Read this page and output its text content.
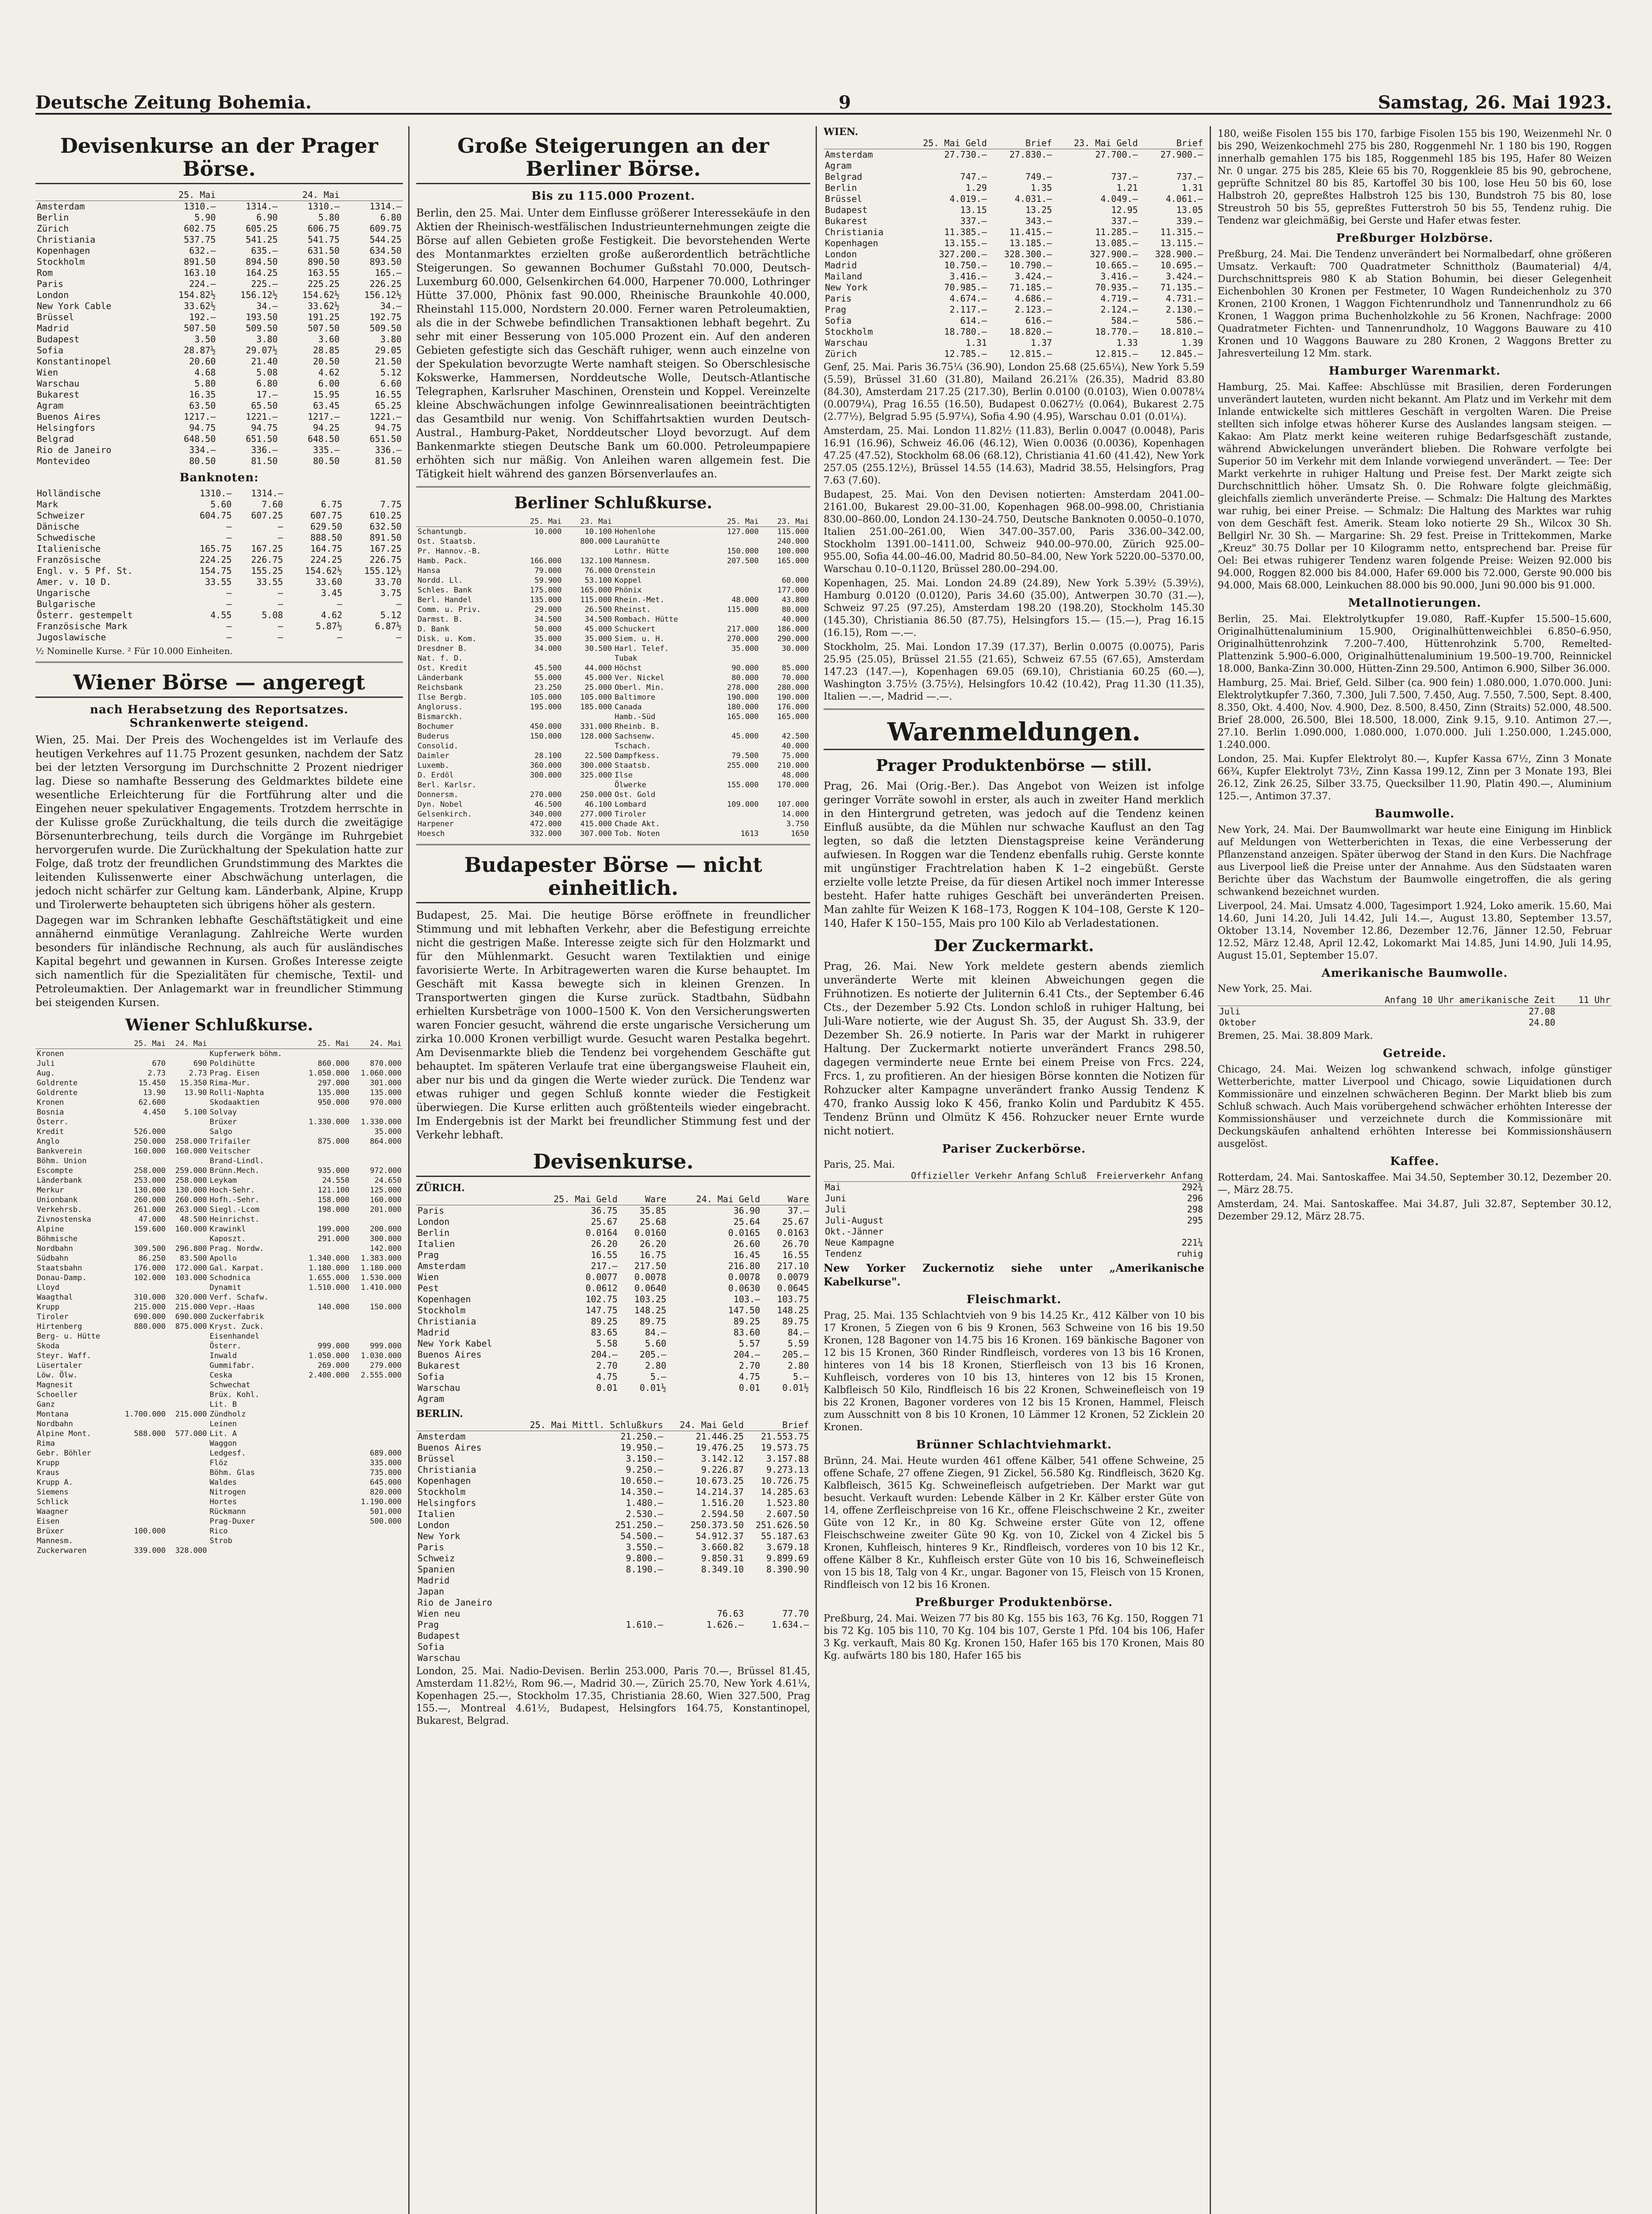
Deutsche Zeitung Bohemia.	9	Samstag, 26. Mai 1923.
Devisenkurse an der Prager Börse.
	25. Mai		24. Mai	
Amsterdam	1310.—	1314.—	1310.—	1314.—
Berlin	5.90	6.90	5.80	6.80
Zürich	602.75	605.25	606.75	609.75
Christiania	537.75	541.25	541.75	544.25
Kopenhagen	632.—	635.—	631.50	634.50
Stockholm	891.50	894.50	890.50	893.50
Rom	163.10	164.25	163.55	165.—
Paris	224.—	225.—	225.25	226.25
London	154.82½	156.12½	154.62½	156.12½
New York Cable	33.62½	34.—	33.62½	34.—
Brüssel	192.—	193.50	191.25	192.75
Madrid	507.50	509.50	507.50	509.50
Budapest	3.50	3.80	3.60	3.80
Sofia	28.87½	29.07½	28.85	29.05
Konstantinopel	20.60	21.40	20.50	21.50
Wien	4.68	5.08	4.62	5.12
Warschau	5.80	6.80	6.00	6.60
Bukarest	16.35	17.—	15.95	16.55
Agram	63.50	65.50	63.45	65.25
Buenos Aires	1217.—	1221.—	1217.—	1221.—
Helsingfors	94.75	94.75	94.25	94.75
Belgrad	648.50	651.50	648.50	651.50
Rio de Janeiro	334.—	336.—	335.—	336.—
Montevideo	80.50	81.50	80.50	81.50
Banknoten:
Holländische	1310.—	1314.—		
Mark	5.60	7.60	6.75	7.75
Schweizer	604.75	607.25	607.75	610.25
Dänische	—	—	629.50	632.50
Schwedische	—	—	888.50	891.50
Italienische	165.75	167.25	164.75	167.25
Französische	224.25	226.75	224.25	226.75
Engl. v. 5 Pf. St.	154.75	155.25	154.62½	155.12½
Amer. v. 10 D.	33.55	33.55	33.60	33.70
Ungarische	—	—	3.45	3.75
Bulgarische	—	—	—	—
Österr. gestempelt	4.55	5.08	4.62	5.12
Französische Mark	—	—	5.87½	6.87½
Jugoslawische	—	—	—	—
½ Nominelle Kurse. ² Für 10.000 Einheiten.
Wiener Börse — angeregt
nach Herabsetzung des Reportsatzes. Schrankenwerte steigend.

Wien, 25. Mai. Der Preis des Wochengeldes ist im Verlaufe des heutigen Verkehres auf 11.75 Prozent gesunken, nachdem der Satz bei der letzten Versorgung im Durchschnitte 2 Prozent niedriger lag. Diese so namhafte Besserung des Geldmarktes bildete eine wesentliche Erleichterung für die Fortführung alter und die Eingehen neuer spekulativer Engagements. Trotzdem herrschte in der Kulisse große Zurückhaltung, die teils durch die zweitägige Börsenunterbrechung, teils durch die Vorgänge im Ruhrgebiet hervorgerufen wurde. Die Zurückhaltung der Spekulation hatte zur Folge, daß trotz der freundlichen Grundstimmung des Marktes die leitenden Kulissenwerte einer Abschwächung unterlagen, die jedoch nicht schärfer zur Geltung kam. Länderbank, Alpine, Krupp und Tirolerwerte behaupteten sich übrigens höher als gestern.

Dagegen war im Schranken lebhafte Geschäftstätigkeit und eine annähernd einmütige Veranlagung. Zahlreiche Werte wurden besonders für inländische Rechnung, als auch für ausländisches Kapital begehrt und gewannen in Kursen. Großes Interesse zeigte sich namentlich für die Spezialitäten für chemische, Textil- und Petroleumaktien. Der Anlagemarkt war in freundlicher Stimmung bei steigenden Kursen.

Wiener Schlußkurse.
	25. Mai	24. Mai		25. Mai	24. Mai
Kronen			Kupferwerk böhm.		
Juli	670	690	Poldihütte	860.000	870.000
Aug.	2.73	2.73	Prag. Eisen	1.050.000	1.060.000
Goldrente	15.450	15.350	Rima-Mur.	297.000	301.000
Goldrente	13.90	13.90	Rolli-Naphta	135.000	135.000
Kronen	62.600		Skodaaktien	950.000	970.000
Bosnia	4.450	5.100	Solvay		
Österr.			Brüxer	1.330.000	1.330.000
Kredit	526.000		Salgo		35.000
Anglo	250.000	258.000	Trifailer	875.000	864.000
Bankverein	160.000	160.000	Veitscher		
Böhm. Union			Brand-Lindl.		
Escompte	258.000	259.000	Brünn.Mech.	935.000	972.000
Länderbank	253.000	258.000	Leykam	24.550	24.650
Merkur	130.000	130.000	Hoch-Sehr.	121.100	125.000
Unionbank	260.000	260.000	Hofh.-Sehr.	158.000	160.000
Verkehrsb.	261.000	263.000	Siegl.-Lcom	198.000	201.000
Zivnostenska	47.000	48.500	Heinrichst.		
Alpine	159.600	160.000	Krawinkl	199.000	200.000
Böhmische			Kaposzt.	291.000	300.000
Nordbahn	309.500	296.800	Prag. Nordw.		142.000
Südbahn	86.250	83.500	Apollo	1.340.000	1.383.000
Staatsbahn	176.000	172.000	Gal. Karpat.	1.180.000	1.180.000
Donau-Damp.	102.000	103.000	Schodnica	1.655.000	1.530.000
Lloyd			Dynamit	1.510.000	1.410.000
Waagthal	310.000	320.000	Verf. Schafw.		
Krupp	215.000	215.000	Vepr.-Haas	140.000	150.000
Tiroler	690.000	690.000	Zuckerfabrik		
Hirtenberg	880.000	875.000	Kryst. Zuck.		
Berg- u. Hütte			Eisenhandel		
Skoda			Österr.	999.000	999.000
Steyr. Waff.			Inwald	1.050.000	1.030.000
Lüsertaler			Gummifabr.	269.000	279.000
Löw. Ölw.			Ceska	2.400.000	2.555.000
Magnesit			Schwechat		
Schoeller			Brüx. Kohl.		
Ganz			Lit. B		
Montana	1.700.000	215.000	Zündholz		
Nordbahn			Leinen		
Alpine Mont.	588.000	577.000	Lit. A		
Rima			Waggon		
Gebr. Böhler			Ledgesf.		689.000
Krupp			Flöz		335.000
Kraus			Böhm. Glas		735.000
Krupp A.			Waldes		645.000
Siemens			Nitrogen		820.000
Schlick			Hortes		1.190.000
Waagner			Rückmann		501.000
Eisen			Prag-Duxer		500.000
Brüxer	100.000		Rico		
Mannesm.			Strob		
Zuckerwaren	339.000	328.000			
Große Steigerungen an der Berliner Börse.
Bis zu 115.000 Prozent.

Berlin, den 25. Mai. Unter dem Einflusse größerer Interessekäufe in den Aktien der Rheinisch-westfälischen Industrieunternehmungen zeigte die Börse auf allen Gebieten große Festigkeit. Die bevorstehenden Werte des Montanmarktes erzielten große außerordentlich beträchtliche Steigerungen. So gewannen Bochumer Gußstahl 70.000, Deutsch-Luxemburg 60.000, Gelsenkirchen 64.000, Harpener 70.000, Lothringer Hütte 37.000, Phönix fast 90.000, Rheinische Braunkohle 40.000, Rheinstahl 115.000, Nordstern 20.000. Ferner waren Petroleumaktien, als die in der Schwebe befindlichen Transaktionen lebhaft begehrt. Zu sehr mit einer Besserung von 105.000 Prozent ein. Auf den anderen Gebieten gefestigte sich das Geschäft ruhiger, wenn auch einzelne von der Spekulation bevorzugte Werte namhaft steigen. So Oberschlesische Kokswerke, Hammersen, Norddeutsche Wolle, Deutsch-Atlantische Telegraphen, Karlsruher Maschinen, Orenstein und Koppel. Vereinzelte kleine Abschwächungen infolge Gewinnrealisationen beeinträchtigten das Gesamtbild nur wenig. Von Schiffahrtsaktien wurden Deutsch-Austral., Hamburg-Paket, Norddeutscher Lloyd bevorzugt. Auf dem Bankenmarkte stiegen Deutsche Bank um 60.000. Petroleumpapiere erhöhten sich nur mäßig. Von Anleihen waren allgemein fest. Die Tätigkeit hielt während des ganzen Börsenverlaufes an.

Berliner Schlußkurse.
	25. Mai	23. Mai		25. Mai	23. Mai
Schantungb.	10.000	10.100	Hohenlohe	127.000	115.000
Ost. Staatsb.		800.000	Laurahütte		240.000
Pr. Hannov.-B.			Lothr. Hütte	150.000	100.000
Hamb. Pack.	166.000	132.100	Mannesm.	207.500	165.000
Hansa	79.000	76.000	Orenstein		
Nordd. Ll.	59.900	53.100	Koppel		60.000
Schles. Bank	175.000	165.000	Phönix		177.000
Berl. Handel	135.000	115.000	Rhein.-Met.	48.000	43.800
Comm. u. Priv.	29.000	26.500	Rheinst.	115.000	80.000
Darmst. B.	34.500	34.500	Rombach. Hütte		40.000
D. Bank	50.000	45.000	Schuckert	217.000	186.000
Disk. u. Kom.	35.000	35.000	Siem. u. H.	270.000	290.000
Dresdner B.	34.000	30.500	Harl. Telef.	35.000	30.000
Nat. f. D.			Tubak		
Ost. Kredit	45.500	44.000	Höchst	90.000	85.000
Länderbank	55.000	45.000	Ver. Nickel	80.000	70.000
Reichsbank	23.250	25.000	Oberl. Min.	278.000	280.000
Ilse Bergb.	105.000	105.000	Baltimore	190.000	190.000
Angloruss.	195.000	185.000	Canada	180.000	176.000
Bismarckh.			Hamb.-Süd	165.000	165.000
Bochumer	450.000	331.000	Rheinb. B.		
Buderus	150.000	128.000	Sachsenw.	45.000	42.500
Consolid.			Tschach.		40.000
Daimler	28.100	22.500	Dampfkess.	79.500	75.000
Luxemb.	360.000	300.000	Staatsb.	255.000	210.000
D. Erdöl	300.000	325.000	Ilse		48.000
Berl. Karlsr.			Ölwerke	155.000	170.000
Donnersm.	270.000	250.000	Ost. Gold		
Dyn. Nobel	46.500	46.100	Lombard	109.000	107.000
Gelsenkirch.	340.000	277.000	Tiroler		14.000
Harpener	472.000	415.000	Chade Akt.		3.750
Hoesch	332.000	307.000	Tob. Noten	1613	1650
Budapester Börse — nicht einheitlich.

Budapest, 25. Mai. Die heutige Börse eröffnete in freundlicher Stimmung und mit lebhaften Verkehr, aber die Befestigung erreichte nicht die gestrigen Maße. Interesse zeigte sich für den Holzmarkt und für den Mühlenmarkt. Gesucht waren Textilaktien und einige favorisierte Werte. In Arbitragewerten waren die Kurse behauptet. Im Geschäft mit Kassa bewegte sich in kleinen Grenzen. In Transportwerten gingen die Kurse zurück. Stadtbahn, Südbahn erhielten Kursbeträge von 1000–1500 K. Von den Versicherungswerten waren Foncier gesucht, während die erste ungarische Versicherung um zirka 10.000 Kronen verbilligt wurde. Gesucht waren Pestalka begehrt. Am Devisenmarkte blieb die Tendenz bei vorgehendem Geschäfte gut behauptet. Im späteren Verlaufe trat eine übergangsweise Flauheit ein, aber nur bis und da gingen die Werte wieder zurück. Die Tendenz war etwas ruhiger und gegen Schluß konnte wieder die Festigkeit überwiegen. Die Kurse erlitten auch größtenteils wieder eingebracht. Im Endergebnis ist der Markt bei freundlicher Stimmung fest und der Verkehr lebhaft.

Devisenkurse.
ZÜRICH.
	25. Mai Geld	Ware	24. Mai Geld	Ware
Paris	36.75	35.85	36.90	37.—
London	25.67	25.68	25.64	25.67
Berlin	0.0164	0.0160	0.0165	0.0163
Italien	26.20	26.20	26.60	26.70
Prag	16.55	16.75	16.45	16.55
Amsterdam	217.—	217.50	216.80	217.10
Wien	0.0077	0.0078	0.0078	0.0079
Pest	0.0612	0.0640	0.0630	0.0645
Kopenhagen	102.75	103.25	103.—	103.75
Stockholm	147.75	148.25	147.50	148.25
Christiania	89.25	89.75	89.25	89.75
Madrid	83.65	84.—	83.60	84.—
New York Kabel	5.58	5.60	5.57	5.59
Buenos Aires	204.—	205.—	204.—	205.—
Bukarest	2.70	2.80	2.70	2.80
Sofia	4.75	5.—	4.75	5.—
Warschau	0.01	0.01½	0.01	0.01½
Agram				
BERLIN.
	25. Mai Mittl. Schlußkurs		24. Mai Geld	Brief
Amsterdam	21.250.—		21.446.25	21.553.75
Buenos Aires	19.950.—		19.476.25	19.573.75
Brüssel	3.150.—		3.142.12	3.157.88
Christiania	9.250.—		9.226.87	9.273.13
Kopenhagen	10.650.—		10.673.25	10.726.75
Stockholm	14.350.—		14.214.37	14.285.63
Helsingfors	1.480.—		1.516.20	1.523.80
Italien	2.530.—		2.594.50	2.607.50
London	251.250.—		250.373.50	251.626.50
New York	54.500.—		54.912.37	55.187.63
Paris	3.550.—		3.660.82	3.679.18
Schweiz	9.800.—		9.850.31	9.899.69
Spanien	8.190.—		8.349.10	8.390.90
Madrid				
Japan				
Rio de Janeiro				
Wien neu			76.63	77.70
Prag	1.610.—		1.626.—	1.634.—
Budapest				
Sofia				
Warschau				

London, 25. Mai. Nadio-Devisen. Berlin 253.000, Paris 70.—, Brüssel 81.45, Amsterdam 11.82½, Rom 96.—, Madrid 30.—, Zürich 25.70, New York 4.61¼, Kopenhagen 25.—, Stockholm 17.35, Christiania 28.60, Wien 327.500, Prag 155.—, Montreal 4.61½, Budapest, Helsingfors 164.75, Konstantinopel, Bukarest, Belgrad.

WIEN.
	25. Mai Geld	Brief	23. Mai Geld	Brief
Amsterdam	27.730.—	27.830.—	27.700.—	27.900.—
Agram				
Belgrad	747.—	749.—	737.—	737.—
Berlin	1.29	1.35	1.21	1.31
Brüssel	4.019.—	4.031.—	4.049.—	4.061.—
Budapest	13.15	13.25	12.95	13.05
Bukarest	337.—	343.—	337.—	339.—
Christiania	11.385.—	11.415.—	11.285.—	11.315.—
Kopenhagen	13.155.—	13.185.—	13.085.—	13.115.—
London	327.200.—	328.300.—	327.900.—	328.900.—
Madrid	10.750.—	10.790.—	10.665.—	10.695.—
Mailand	3.416.—	3.424.—	3.416.—	3.424.—
New York	70.985.—	71.185.—	70.935.—	71.135.—
Paris	4.674.—	4.686.—	4.719.—	4.731.—
Prag	2.117.—	2.123.—	2.124.—	2.130.—
Sofia	614.—	616.—	584.—	586.—
Stockholm	18.780.—	18.820.—	18.770.—	18.810.—
Warschau	1.31	1.37	1.33	1.39
Zürich	12.785.—	12.815.—	12.815.—	12.845.—

Genf, 25. Mai. Paris 36.75¼ (36.90), London 25.68 (25.65¼), New York 5.59 (5.59), Brüssel 31.60 (31.80), Mailand 26.21⅞ (26.35), Madrid 83.80 (84.30), Amsterdam 217.25 (217.30), Berlin 0.0100 (0.0103), Wien 0.0078¼ (0.0079¼), Prag 16.55 (16.50), Budapest 0.0627½ (0.064), Bukarest 2.75 (2.77½), Belgrad 5.95 (5.97¼), Sofia 4.90 (4.95), Warschau 0.01 (0.01¼).

Amsterdam, 25. Mai. London 11.82½ (11.83), Berlin 0.0047 (0.0048), Paris 16.91 (16.96), Schweiz 46.06 (46.12), Wien 0.0036 (0.0036), Kopenhagen 47.25 (47.52), Stockholm 68.06 (68.12), Christiania 41.60 (41.42), New York 257.05 (255.12½), Brüssel 14.55 (14.63), Madrid 38.55, Helsingfors, Prag 7.63 (7.60).

Budapest, 25. Mai. Von den Devisen notierten: Amsterdam 2041.00–2161.00, Bukarest 29.00–31.00, Kopenhagen 968.00–998.00, Christiania 830.00–860.00, London 24.130–24.750, Deutsche Banknoten 0.0050–0.1070, Italien 251.00–261.00, Wien 347.00–357.00, Paris 336.00–342.00, Stockholm 1391.00–1411.00, Schweiz 940.00–970.00, Zürich 925.00–955.00, Sofia 44.00–46.00, Madrid 80.50–84.00, New York 5220.00–5370.00, Warschau 0.10–0.1120, Brüssel 280.00–294.00.

Kopenhagen, 25. Mai. London 24.89 (24.89), New York 5.39½ (5.39½), Hamburg 0.0120 (0.0120), Paris 34.60 (35.00), Antwerpen 30.70 (31.—), Schweiz 97.25 (97.25), Amsterdam 198.20 (198.20), Stockholm 145.30 (145.30), Christiania 86.50 (87.75), Helsingfors 15.— (15.—), Prag 16.15 (16.15), Rom —.—.

Stockholm, 25. Mai. London 17.39 (17.37), Berlin 0.0075 (0.0075), Paris 25.95 (25.05), Brüssel 21.55 (21.65), Schweiz 67.55 (67.65), Amsterdam 147.23 (147.—), Kopenhagen 69.05 (69.10), Christiania 60.25 (60.—), Washington 3.75½ (3.75½), Helsingfors 10.42 (10.42), Prag 11.30 (11.35), Italien —.—, Madrid —.—.

Warenmeldungen.
Prager Produktenbörse — still.

Prag, 26. Mai (Orig.-Ber.). Das Angebot von Weizen ist infolge geringer Vorräte sowohl in erster, als auch in zweiter Hand merklich in den Hintergrund getreten, was jedoch auf die Tendenz keinen Einfluß ausübte, da die Mühlen nur schwache Kauflust an den Tag legten, so daß die letzten Dienstagspreise keine Veränderung aufwiesen. In Roggen war die Tendenz ebenfalls ruhig. Gerste konnte mit ungünstiger Frachtrelation haben K 1–2 eingebüßt. Gerste erzielte volle letzte Preise, da für diesen Artikel noch immer Interesse besteht. Hafer hatte ruhiges Geschäft bei unveränderten Preisen. Man zahlte für Weizen K 168–173, Roggen K 104–108, Gerste K 120–140, Hafer K 150–155, Mais pro 100 Kilo ab Verladestationen.

Der Zuckermarkt.

Prag, 26. Mai. New York meldete gestern abends ziemlich unveränderte Werte mit kleinen Abweichungen gegen die Frühnotizen. Es notierte der Juliternin 6.41 Cts., der September 6.46 Cts., der Dezember 5.92 Cts. London schloß in ruhiger Haltung, bei Juli-Ware notierte, wie der August Sh. 35, der August Sh. 33.9, der Dezember Sh. 26.9 notierte. In Paris war der Markt in ruhigerer Haltung. Der Zuckermarkt notierte unverändert Francs 298.50, dagegen verminderte neue Ernte bei einem Preise von Frcs. 224, Frcs. 1, zu profitieren. An der hiesigen Börse konnten die Notizen für Rohzucker alter Kampagne unverändert franko Aussig Tendenz K 470, franko Aussig loko K 456, franko Kolin und Pardubitz K 455. Tendenz Brünn und Olmütz K 456. Rohzucker neuer Ernte wurde nicht notiert.

Pariser Zuckerbörse.
Paris, 25. Mai.
	Offizieller Verkehr Anfang	Schluß	Freierverkehr Anfang
Mai			292¾
Juni			296
Juli			298
Juli-August			295
Okt.-Jänner			
Neue Kampagne			221¼
Tendenz			ruhig

New Yorker Zuckernotiz siehe unter „Amerikanische Kabelkurse".

Fleischmarkt.

Prag, 25. Mai. 135 Schlachtvieh von 9 bis 14.25 Kr., 412 Kälber von 10 bis 17 Kronen, 5 Ziegen von 6 bis 9 Kronen, 563 Schweine von 16 bis 19.50 Kronen, 128 Bagoner von 14.75 bis 16 Kronen. 169 bänkische Bagoner von 12 bis 15 Kronen, 360 Rinder Rindfleisch, vorderes von 13 bis 16 Kronen, hinteres von 14 bis 18 Kronen, Stierfleisch von 13 bis 16 Kronen, Kuhfleisch, vorderes von 10 bis 13, hinteres von 12 bis 15 Kronen, Kalbfleisch 50 Kilo, Rindfleisch 16 bis 22 Kronen, Schweinefleisch von 19 bis 22 Kronen, Bagoner vorderes von 12 bis 15 Kronen, Hammel, Fleisch zum Ausschnitt von 8 bis 10 Kronen, 10 Lämmer 12 Kronen, 52 Zicklein 20 Kronen.

Brünner Schlachtviehmarkt.

Brünn, 24. Mai. Heute wurden 461 offene Kälber, 541 offene Schweine, 25 offene Schafe, 27 offene Ziegen, 91 Zickel, 56.580 Kg. Rindfleisch, 3620 Kg. Kalbfleisch, 3615 Kg. Schweinefleisch aufgetrieben. Der Markt war gut besucht. Verkauft wurden: Lebende Kälber in 2 Kr. Kälber erster Güte von 14, offene Zerfleischpreise von 16 Kr., offene Fleischschweine 2 Kr., zweiter Güte von 12 Kr., in 80 Kg. Schweine erster Güte von 12, offene Fleischschweine zweiter Güte 90 Kg. von 10, Zickel von 4 Zickel bis 5 Kronen, Kuhfleisch, hinteres 9 Kr., Rindfleisch, vorderes von 10 bis 12 Kr., offene Kälber 8 Kr., Kuhfleisch erster Güte von 10 bis 16, Schweinefleisch von 15 bis 18, Talg von 4 Kr., ungar. Bagoner von 15, Fleisch von 15 Kronen, Rindfleisch von 12 bis 16 Kronen.

Preßburger Produktenbörse.

Preßburg, 24. Mai. Weizen 77 bis 80 Kg. 155 bis 163, 76 Kg. 150, Roggen 71 bis 72 Kg. 105 bis 110, 70 Kg. 104 bis 107, Gerste 1 Pfd. 104 bis 106, Hafer 3 Kg. verkauft, Mais 80 Kg. Kronen 150, Hafer 165 bis 170 Kronen, Mais 80 Kg. aufwärts 180 bis 180, Hafer 165 bis

180, weiße Fisolen 155 bis 170, farbige Fisolen 155 bis 190, Weizenmehl Nr. 0 bis 290, Weizenkochmehl 275 bis 280, Roggenmehl Nr. 1 180 bis 190, Roggen innerhalb gemahlen 175 bis 185, Roggenmehl 185 bis 195, Hafer 80 Weizen Nr. 0 ungar. 275 bis 285, Kleie 65 bis 70, Roggenkleie 85 bis 90, gebrochene, geprüfte Schnitzel 80 bis 85, Kartoffel 30 bis 100, lose Heu 50 bis 60, lose Halbstroh 20, gepreßtes Halbstroh 125 bis 130, Bundstroh 75 bis 80, lose Streustroh 50 bis 55, gepreßtes Futterstroh 50 bis 55, Tendenz ruhig. Die Tendenz war gleichmäßig, bei Gerste und Hafer etwas fester.

Preßburger Holzbörse.

Preßburg, 24. Mai. Die Tendenz unverändert bei Normalbedarf, ohne größeren Umsatz. Verkauft: 700 Quadratmeter Schnittholz (Baumaterial) 4/4, Durchschnittspreis 980 K ab Station Bohumin, bei dieser Gelegenheit Eichenbohlen 30 Kronen per Festmeter, 10 Wagen Rundeichenholz zu 370 Kronen, 2100 Kronen, 1 Waggon Fichtenrundholz und Tannenrundholz zu 66 Kronen, 1 Waggon prima Buchenholzkohle zu 56 Kronen, Nachfrage: 2000 Quadratmeter Fichten- und Tannenrundholz, 10 Waggons Bauware zu 410 Kronen und 10 Waggons Bauware zu 280 Kronen, 2 Waggons Bretter zu Jahresverteilung 12 Mm. stark.

Hamburger Warenmarkt.

Hamburg, 25. Mai. Kaffee: Abschlüsse mit Brasilien, deren Forderungen unverändert lauteten, wurden nicht bekannt. Am Platz und im Verkehr mit dem Inlande entwickelte sich mittleres Geschäft in vergolten Waren. Die Preise stellten sich infolge etwas höherer Kurse des Auslandes langsam steigen. — Kakao: Am Platz merkt keine weiteren ruhige Bedarfsgeschäft zustande, während Abwickelungen unverändert blieben. Die Rohware verfolgte bei Superior 50 im Verkehr mit dem Inlande vorwiegend unverändert. — Tee: Der Markt verkehrte in ruhiger Haltung und Preise fest. Der Markt zeigte sich Durchschnittlich höher. Umsatz Sh. 0. Die Rohware folgte gleichmäßig, gleichfalls ziemlich unveränderte Preise. — Schmalz: Die Haltung des Marktes war ruhig, bei einer Preise. — Schmalz: Die Haltung des Marktes war ruhig von dem Geschäft fest. Amerik. Steam loko notierte 29 Sh., Wilcox 30 Sh. Bellgirl Nr. 30 Sh. — Margarine: Sh. 29 fest. Preise in Trittekommen, Marke „Kreuz" 30.75 Dollar per 10 Kilogramm netto, entsprechend bar. Preise für Oel: Bei etwas ruhigerer Tendenz waren folgende Preise: Weizen 92.000 bis 94.000, Roggen 82.000 bis 84.000, Hafer 69.000 bis 72.000, Gerste 90.000 bis 94.000, Mais 68.000, Leinkuchen 88.000 bis 90.000, Juni 90.000 bis 91.000.

Metallnotierungen.

Berlin, 25. Mai. Elektrolytkupfer 19.080, Raff.-Kupfer 15.500–15.600, Originalhüttenaluminium 15.900, Originalhüttenweichblei 6.850–6.950, Originalhüttenrohzink 7.200–7.400, Hüttenrohzink 5.700, Remelted-Plattenzink 5.900–6.000, Originalhüttenaluminium 19.500–19.700, Reinnickel 18.000, Banka-Zinn 30.000, Hütten-Zinn 29.500, Antimon 6.900, Silber 36.000.

Hamburg, 25. Mai. Brief, Geld. Silber (ca. 900 fein) 1.080.000, 1.070.000. Juni: Elektrolytkupfer 7.360, 7.300, Juli 7.500, 7.450, Aug. 7.550, 7.500, Sept. 8.400, 8.350, Okt. 4.400, Nov. 4.900, Dez. 8.500, 8.450, Zinn (Straits) 52.000, 48.500. Brief 28.000, 26.500, Blei 18.500, 18.000, Zink 9.15, 9.10. Antimon 27.—, 27.10. Berlin 1.090.000, 1.080.000, 1.070.000. Juli 1.250.000, 1.245.000, 1.240.000.

London, 25. Mai. Kupfer Elektrolyt 80.—, Kupfer Kassa 67½, Zinn 3 Monate 66¾, Kupfer Elektrolyt 73½, Zinn Kassa 199.12, Zinn per 3 Monate 193, Blei 26.12, Zink 26.25, Silber 33.75, Quecksilber 11.90, Platin 490.—, Aluminium 125.—, Antimon 37.37.

Baumwolle.

New York, 24. Mai. Der Baumwollmarkt war heute eine Einigung im Hinblick auf Meldungen von Wetterberichten in Texas, die eine Verbesserung der Pflanzenstand anzeigen. Später überwog der Stand in den Kurs. Die Nachfrage aus Liverpool ließ die Preise unter der Annahme. Aus den Südstaaten waren Berichte über das Wachstum der Baumwolle eingetroffen, die als gering schwankend bezeichnet wurden.

Liverpool, 24. Mai. Umsatz 4.000, Tagesimport 1.924, Loko amerik. 15.60, Mai 14.60, Juni 14.20, Juli 14.42, Juli 14.—, August 13.80, September 13.57, Oktober 13.14, November 12.86, Dezember 12.76, Jänner 12.50, Februar 12.52, März 12.48, April 12.42, Lokomarkt Mai 14.85, Juni 14.90, Juli 14.95, August 15.01, September 15.07.

Amerikanische Baumwolle.
New York, 25. Mai.
	Anfang 10 Uhr amerikanische Zeit	11 Uhr
Juli	27.08	
Oktober	24.80	

Bremen, 25. Mai. 38.809 Mark.

Getreide.

Chicago, 24. Mai. Weizen log schwankend schwach, infolge günstiger Wetterberichte, matter Liverpool und Chicago, sowie Liquidationen durch Kommissionäre und einzelnen schwächeren Beginn. Der Markt blieb bis zum Schluß schwach. Auch Mais vorübergehend schwächer erhöhten Interesse der Kommissionshäuser und verzeichnete durch die Kommissionäre mit Deckungskäufen anhaltend erhöhten Interesse bei Kommissionshäusern ausgelöst.

Kaffee.

Rotterdam, 24. Mai. Santoskaffee. Mai 34.50, September 30.12, Dezember 20.—, März 28.75.

Amsterdam, 24. Mai. Santoskaffee. Mai 34.87, Juli 32.87, September 30.12, Dezember 29.12, März 28.75.
